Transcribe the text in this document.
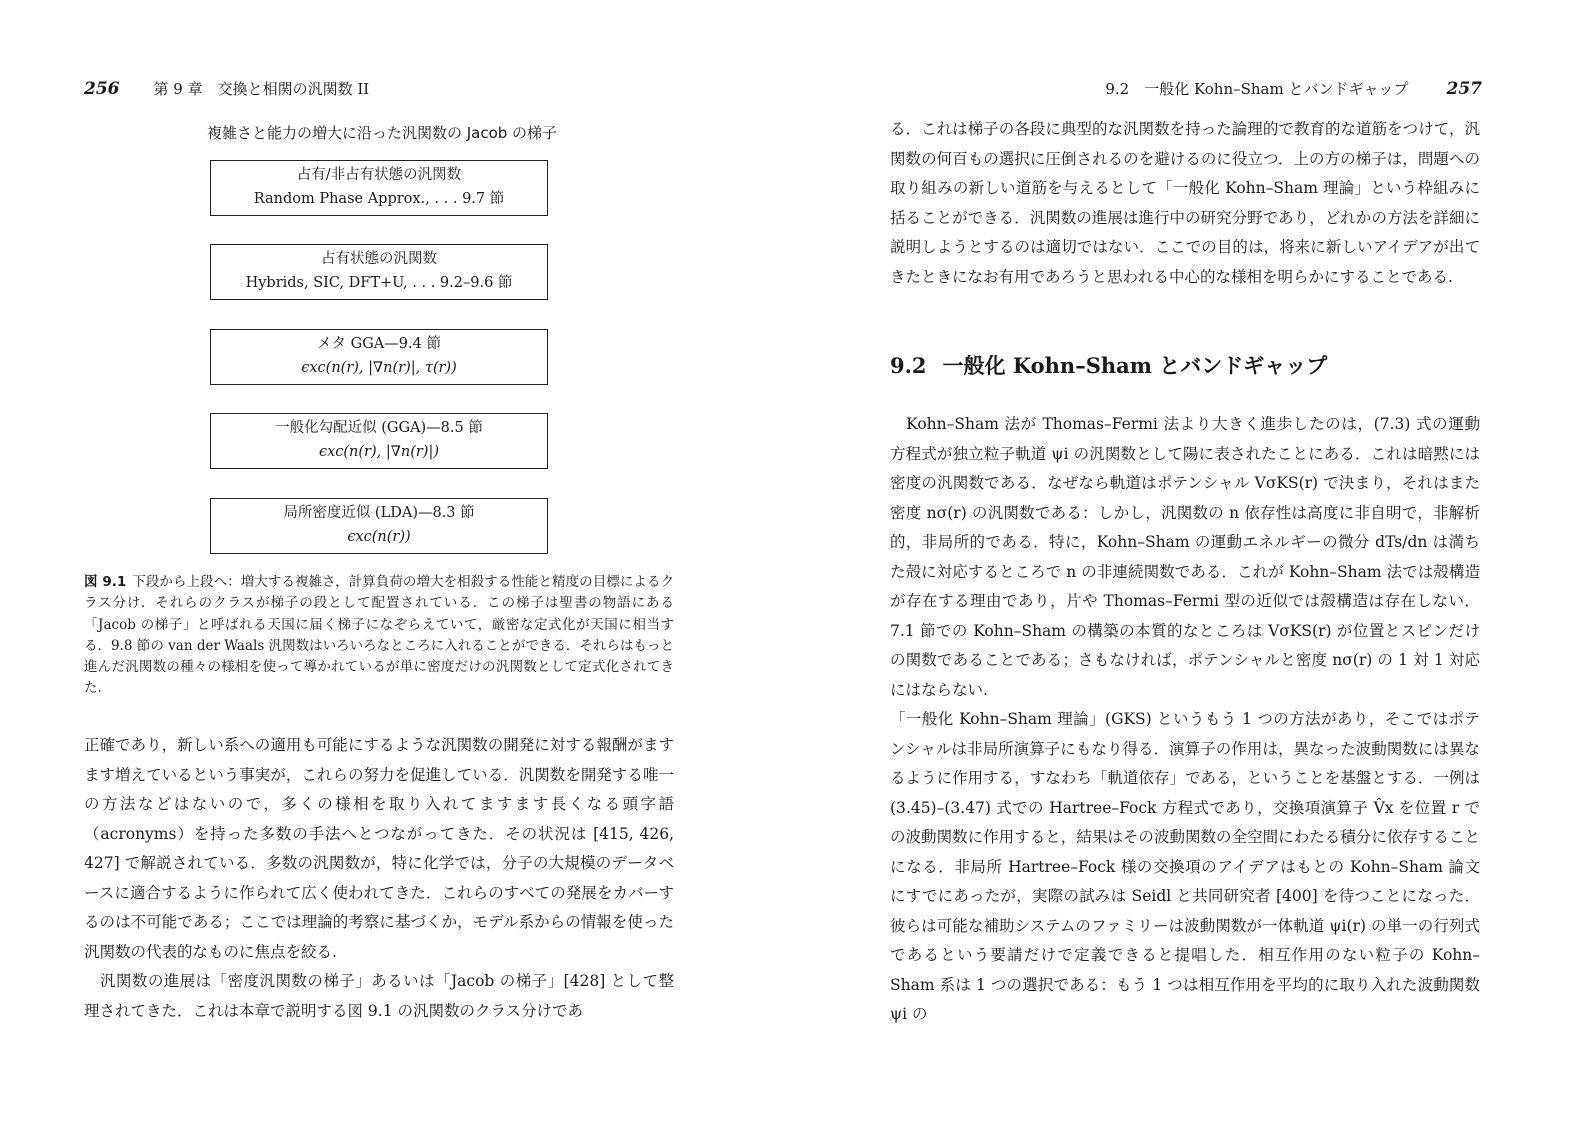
256 第 9 章　交換と相関の汎関数 II
複雑さと能力の増大に沿った汎関数の Jacob の梯子
占有/非占有状態の汎関数
Random Phase Approx., . . . 9.7 節
占有状態の汎関数
Hybrids, SIC, DFT+U, . . . 9.2–9.6 節
メタ GGA—9.4 節
ϵxc(n(r), |∇n(r)|, τ(r))
一般化勾配近似 (GGA)—8.5 節
ϵxc(n(r), |∇n(r)|)
局所密度近似 (LDA)—8.3 節
ϵxc(n(r))

図 9.1 下段から上段へ：増大する複雑さ，計算負荷の増大を相殺する性能と精度の目標によるクラス分け．それらのクラスが梯子の段として配置されている．この梯子は聖書の物語にある「Jacob の梯子」と呼ばれる天国に届く梯子になぞらえていて，厳密な定式化が天国に相当する．9.8 節の van der Waals 汎関数はいろいろなところに入れることができる．それらはもっと進んだ汎関数の種々の様相を使って導かれているが単に密度だけの汎関数として定式化されてきた.

正確であり，新しい系への適用も可能にするような汎関数の開発に対する報酬がますます増えているという事実が，これらの努力を促進している．汎関数を開発する唯一の方法などはないので，多くの様相を取り入れてますます長くなる頭字語（acronyms）を持った多数の手法へとつながってきた．その状況は [415, 426, 427] で解説されている．多数の汎関数が，特に化学では，分子の大規模のデータベースに適合するように作られて広く使われてきた．これらのすべての発展をカバーするのは不可能である；ここでは理論的考察に基づくか，モデル系からの情報を使った汎関数の代表的なものに焦点を絞る.

　汎関数の進展は「密度汎関数の梯子」あるいは「Jacob の梯子」[428] として整理されてきた．これは本章で説明する図 9.1 の汎関数のクラス分けであ

9.2　一般化 Kohn–Sham とバンドギャップ 257

る．これは梯子の各段に典型的な汎関数を持った論理的で教育的な道筋をつけて，汎関数の何百もの選択に圧倒されるのを避けるのに役立つ．上の方の梯子は，問題への取り組みの新しい道筋を与えるとして「一般化 Kohn–Sham 理論」という枠組みに括ることができる．汎関数の進展は進行中の研究分野であり，どれかの方法を詳細に説明しようとするのは適切ではない．ここでの目的は，将来に新しいアイデアが出てきたときになお有用であろうと思われる中心的な様相を明らかにすることである.

9.2 一般化 Kohn–Sham とバンドギャップ

　Kohn–Sham 法が Thomas–Fermi 法より大きく進歩したのは，(7.3) 式の運動方程式が独立粒子軌道 ψi の汎関数として陽に表されたことにある．これは暗黙には密度の汎関数である．なぜなら軌道はポテンシャル VσKS(r) で決まり，それはまた密度 nσ(r) の汎関数である：しかし，汎関数の n 依存性は高度に非自明で，非解析的，非局所的である．特に，Kohn–Sham の運動エネルギーの微分 dTs/dn は満ちた殻に対応するところで n の非連続関数である．これが Kohn–Sham 法では殻構造が存在する理由であり，片や Thomas–Fermi 型の近似では殻構造は存在しない．7.1 節での Kohn–Sham の構築の本質的なところは VσKS(r) が位置とスピンだけの関数であることである；さもなければ，ポテンシャルと密度 nσ(r) の 1 対 1 対応にはならない.

「一般化 Kohn–Sham 理論」(GKS) というもう 1 つの方法があり，そこではポテンシャルは非局所演算子にもなり得る．演算子の作用は，異なった波動関数には異なるように作用する，すなわち「軌道依存」である，ということを基盤とする．一例は (3.45)–(3.47) 式での Hartree–Fock 方程式であり，交換項演算子 V̂x を位置 r での波動関数に作用すると，結果はその波動関数の全空間にわたる積分に依存することになる．非局所 Hartree–Fock 様の交換項のアイデアはもとの Kohn–Sham 論文にすでにあったが，実際の試みは Seidl と共同研究者 [400] を待つことになった．彼らは可能な補助システムのファミリーは波動関数が一体軌道 ψi(r) の単一の行列式であるという要請だけで定義できると提唱した．相互作用のない粒子の Kohn–Sham 系は 1 つの選択である：もう 1 つは相互作用を平均的に取り入れた波動関数 ψi の
